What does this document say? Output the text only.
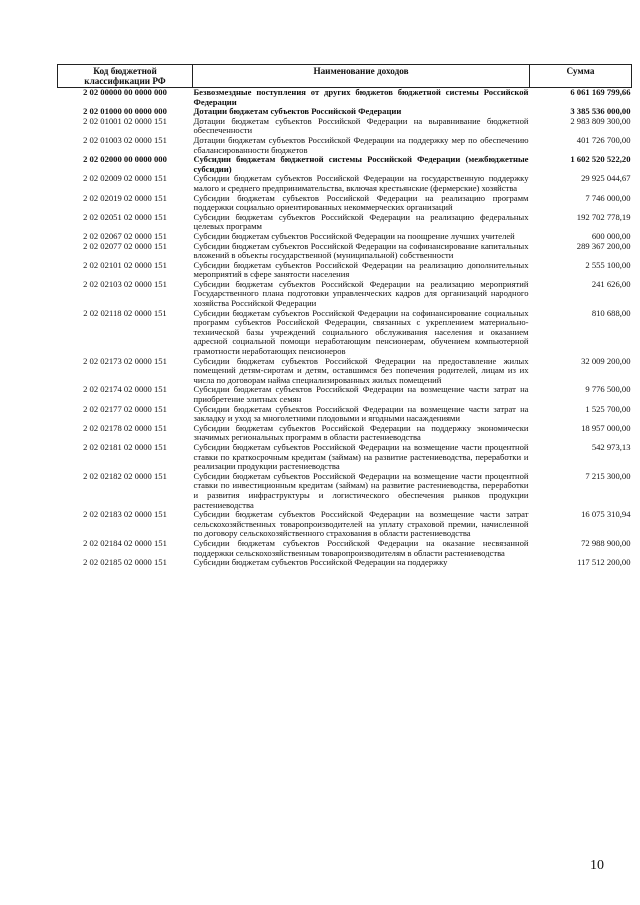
Код бюджетной классификации РФ	Наименование доходов	Сумма
2 02 00000 00 0000 000	Безвозмездные поступления от других бюджетов бюджетной системы Российской Федерации	6 061 169 799,66
2 02 01000 00 0000 000	Дотации бюджетам субъектов Российской Федерации	3 385 536 000,00
2 02 01001 02 0000 151	Дотации бюджетам субъектов Российской Федерации на выравнивание бюджетной обеспеченности	2 983 809 300,00
2 02 01003 02 0000 151	Дотации бюджетам субъектов Российской Федерации на поддержку мер по обеспечению сбалансированности бюджетов	401 726 700,00
2 02 02000 00 0000 000	Субсидии бюджетам бюджетной системы Российской Федерации (межбюджетные субсидии)	1 602 520 522,20
2 02 02009 02 0000 151	Субсидии бюджетам субъектов Российской Федерации на государственную поддержку малого и среднего предпринимательства, включая крестьянские (фермерские) хозяйства	29 925 044,67
2 02 02019 02 0000 151	Субсидии бюджетам субъектов Российской Федерации на реализацию программ поддержки социально ориентированных некоммерческих организаций	7 746 000,00
2 02 02051 02 0000 151	Субсидии бюджетам субъектов Российской Федерации на реализацию федеральных целевых программ	192 702 778,19
2 02 02067 02 0000 151	Субсидии бюджетам субъектов Российской Федерации на поощрение лучших учителей	600 000,00
2 02 02077 02 0000 151	Субсидии бюджетам субъектов Российской Федерации на софинансирование капитальных вложений в объекты государственной (муниципальной) собственности	289 367 200,00
2 02 02101 02 0000 151	Субсидии бюджетам субъектов Российской Федерации на реализацию дополнительных мероприятий в сфере занятости населения	2 555 100,00
2 02 02103 02 0000 151	Субсидии бюджетам субъектов Российской Федерации на реализацию мероприятий Государственного плана подготовки управленческих кадров для организаций народного хозяйства Российской Федерации	241 626,00
2 02 02118 02 0000 151	Субсидии бюджетам субъектов Российской Федерации на софинансирование социальных программ субъектов Российской Федерации, связанных с укреплением материально-технической базы учреждений социального обслуживания населения и оказанием адресной социальной помощи неработающим пенсионерам, обучением компьютерной грамотности неработающих пенсионеров	810 688,00
2 02 02173 02 0000 151	Субсидии бюджетам субъектов Российской Федерации на предоставление жилых помещений детям-сиротам и детям, оставшимся без попечения родителей, лицам из их числа по договорам найма специализированных жилых помещений	32 009 200,00
2 02 02174 02 0000 151	Субсидии бюджетам субъектов Российской Федерации на возмещение части затрат на приобретение элитных семян	9 776 500,00
2 02 02177 02 0000 151	Субсидии бюджетам субъектов Российской Федерации на возмещение части затрат на закладку и уход за многолетними плодовыми и ягодными насаждениями	1 525 700,00
2 02 02178 02 0000 151	Субсидии бюджетам субъектов Российской Федерации на поддержку экономически значимых региональных программ в области растениеводства	18 957 000,00
2 02 02181 02 0000 151	Субсидии бюджетам субъектов Российской Федерации на возмещение части процентной ставки по краткосрочным кредитам (займам) на развитие растениеводства, переработки и реализации продукции растениеводства	542 973,13
2 02 02182 02 0000 151	Субсидии бюджетам субъектов Российской Федерации на возмещение части процентной ставки по инвестиционным кредитам (займам) на развитие растениеводства, переработки и развития инфраструктуры и логистического обеспечения рынков продукции растениеводства	7 215 300,00
2 02 02183 02 0000 151	Субсидии бюджетам субъектов Российской Федерации на возмещение части затрат сельскохозяйственных товаропроизводителей на уплату страховой премии, начисленной по договору сельскохозяйственного страхования в области растениеводства	16 075 310,94
2 02 02184 02 0000 151	Субсидии бюджетам субъектов Российской Федерации на оказание несвязанной поддержки сельскохозяйственным товаропроизводителям в области растениеводства	72 988 900,00
2 02 02185 02 0000 151	Субсидии бюджетам субъектов Российской Федерации на поддержку	117 512 200,00
10
